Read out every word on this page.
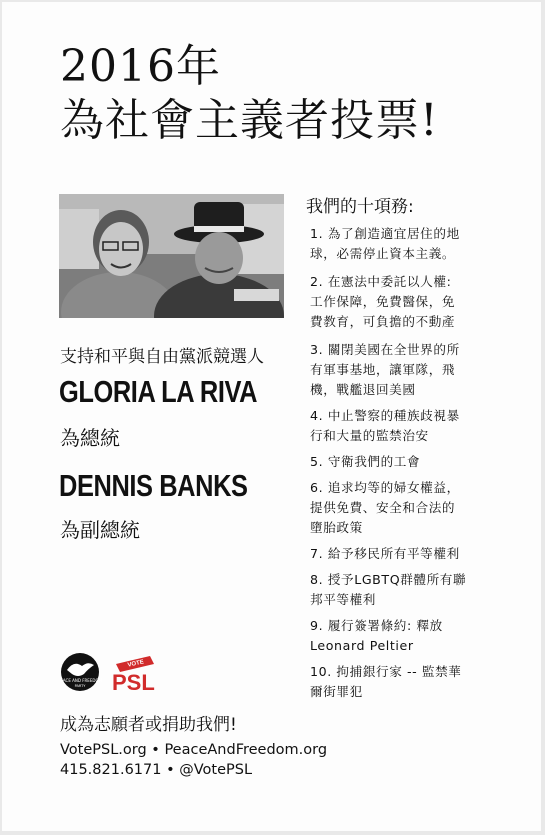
2016年
為社會主義者投票!
支持和平與自由黨派競選人
GLORIA LA RIVA
為總統
DENNIS BANKS
為副總統
PEACE AND FREEDOM
PARTY
VOTE
PSL
成為志願者或捐助我們!
VotePSL.org • PeaceAndFreedom.org
415.821.6171 • @VotePSL
我們的十項務:
1. 為了創造適宜居住的地
球，必需停止資本主義。
2. 在憲法中委託以人權:
工作保障，免費醫保，免
費教育，可負擔的不動產
3. 關閉美國在全世界的所
有軍事基地，讓軍隊，飛
機，戰艦退回美國
4. 中止警察的種族歧視暴
行和大量的監禁治安
5. 守衛我們的工會
6. 追求均等的婦女權益，
提供免費、安全和合法的
墮胎政策
7. 給予移民所有平等權利
8. 授予LGBTQ群體所有聯
邦平等權利
9. 履行簽署條約: 釋放
Leonard Peltier
10. 拘捕銀行家 -- 監禁華
爾街罪犯
